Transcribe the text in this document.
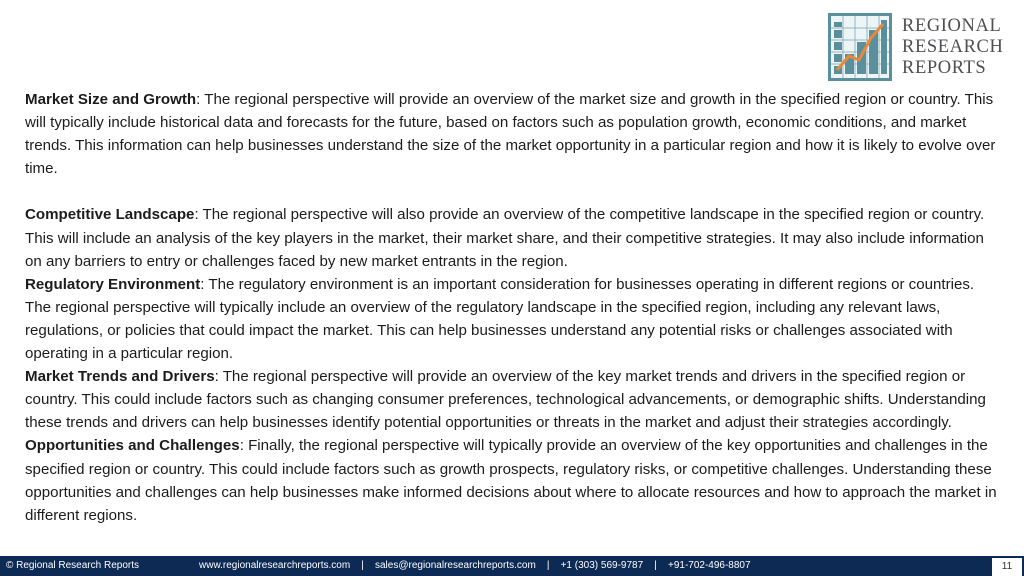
REGIONAL
RESEARCH
REPORTS

Market Size and Growth: The regional perspective will provide an overview of the market size and growth in the specified region or country. This will typically include historical data and forecasts for the future, based on factors such as population growth, economic conditions, and market trends. This information can help businesses understand the size of the market opportunity in a particular region and how it is likely to evolve over time.

Competitive Landscape: The regional perspective will also provide an overview of the competitive landscape in the specified region or country. This will include an analysis of the key players in the market, their market share, and their competitive strategies. It may also include information on any barriers to entry or challenges faced by new market entrants in the region.

Regulatory Environment: The regulatory environment is an important consideration for businesses operating in different regions or countries. The regional perspective will typically include an overview of the regulatory landscape in the specified region, including any relevant laws, regulations, or policies that could impact the market. This can help businesses understand any potential risks or challenges associated with operating in a particular region.

Market Trends and Drivers: The regional perspective will provide an overview of the key market trends and drivers in the specified region or country. This could include factors such as changing consumer preferences, technological advancements, or demographic shifts. Understanding these trends and drivers can help businesses identify potential opportunities or threats in the market and adjust their strategies accordingly.

Opportunities and Challenges: Finally, the regional perspective will typically provide an overview of the key opportunities and challenges in the specified region or country. This could include factors such as growth prospects, regulatory risks, or competitive challenges. Understanding these opportunities and challenges can help businesses make informed decisions about where to allocate resources and how to approach the market in different regions.

© Regional Research Reports	www.regionalresearchreports.com    |    sales@regionalresearchreports.com    |    +1 (303) 569-9787    |    +91-702-496-8807	11
